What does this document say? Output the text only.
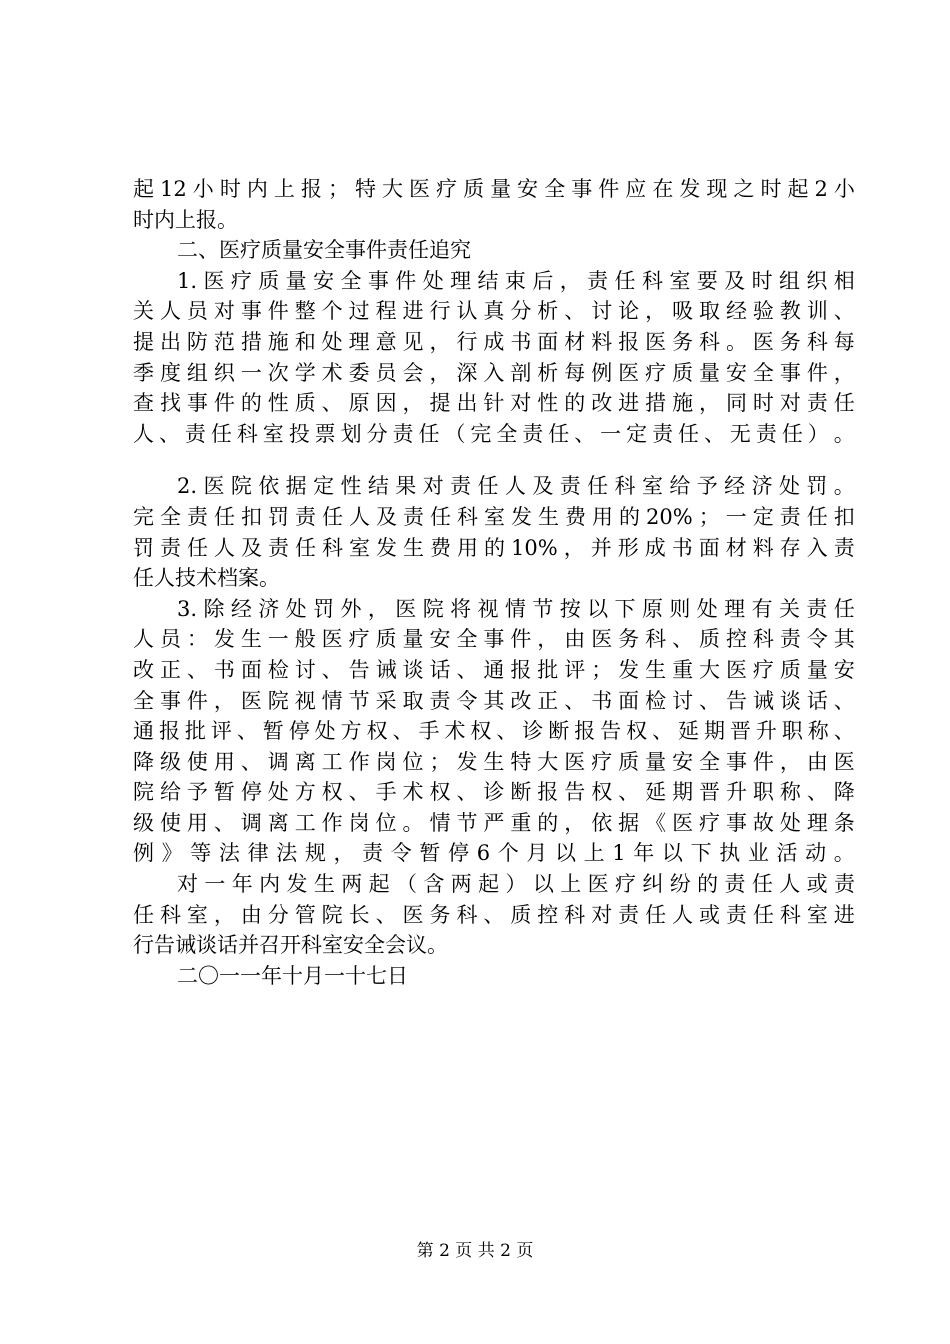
起 12 小 时 内 上 报 ； 特 大 医 疗 质 量 安 全 事 件 应 在 发 现 之 时 起 2 小
时内上报。
二、医疗质量安全事件责任追究
1. 医 疗 质 量 安 全 事 件 处 理 结 束 后 ， 责 任 科 室 要 及 时 组 织 相
关 人 员 对 事 件 整 个 过 程 进 行 认 真 分 析 、 讨 论 ， 吸 取 经 验 教 训 、
提 出 防 范 措 施 和 处 理 意 见 ， 行 成 书 面 材 料 报 医 务 科 。 医 务 科 每
季 度 组 织 一 次 学 术 委 员 会 ， 深 入 剖 析 每 例 医 疗 质 量 安 全 事 件 ，
查 找 事 件 的 性 质 、 原 因 ， 提 出 针 对 性 的 改 进 措 施 ， 同 时 对 责 任
人 、 责 任 科 室 投 票 划 分 责 任 （ 完 全 责 任 、 一 定 责 任 、 无 责 任 ） 。
2. 医 院 依 据 定 性 结 果 对 责 任 人 及 责 任 科 室 给 予 经 济 处 罚 。
完 全 责 任 扣 罚 责 任 人 及 责 任 科 室 发 生 费 用 的 20% ； 一 定 责 任 扣
罚 责 任 人 及 责 任 科 室 发 生 费 用 的 10% ， 并 形 成 书 面 材 料 存 入 责
任人技术档案。
3. 除 经 济 处 罚 外 ， 医 院 将 视 情 节 按 以 下 原 则 处 理 有 关 责 任
人 员 ： 发 生 一 般 医 疗 质 量 安 全 事 件 ， 由 医 务 科 、 质 控 科 责 令 其
改 正 、 书 面 检 讨 、 告 诫 谈 话 、 通 报 批 评 ； 发 生 重 大 医 疗 质 量 安
全 事 件 ， 医 院 视 情 节 采 取 责 令 其 改 正 、 书 面 检 讨 、 告 诫 谈 话 、
通 报 批 评 、 暂 停 处 方 权 、 手 术 权 、 诊 断 报 告 权 、 延 期 晋 升 职 称 、
降 级 使 用 、 调 离 工 作 岗 位 ； 发 生 特 大 医 疗 质 量 安 全 事 件 ， 由 医
院 给 予 暂 停 处 方 权 、 手 术 权 、 诊 断 报 告 权 、 延 期 晋 升 职 称 、 降
级 使 用 、 调 离 工 作 岗 位 。 情 节 严 重 的 ， 依 据 《 医 疗 事 故 处 理 条
例 》 等 法 律 法 规 ， 责 令 暂 停 6 个 月 以 上 1 年 以 下 执 业 活 动 。
对 一 年 内 发 生 两 起 （ 含 两 起 ） 以 上 医 疗 纠 纷 的 责 任 人 或 责
任 科 室 ， 由 分 管 院 长 、 医 务 科 、 质 控 科 对 责 任 人 或 责 任 科 室 进
行告诫谈话并召开科室安全会议。
二〇一一年十月一十七日
第 2 页 共 2 页
